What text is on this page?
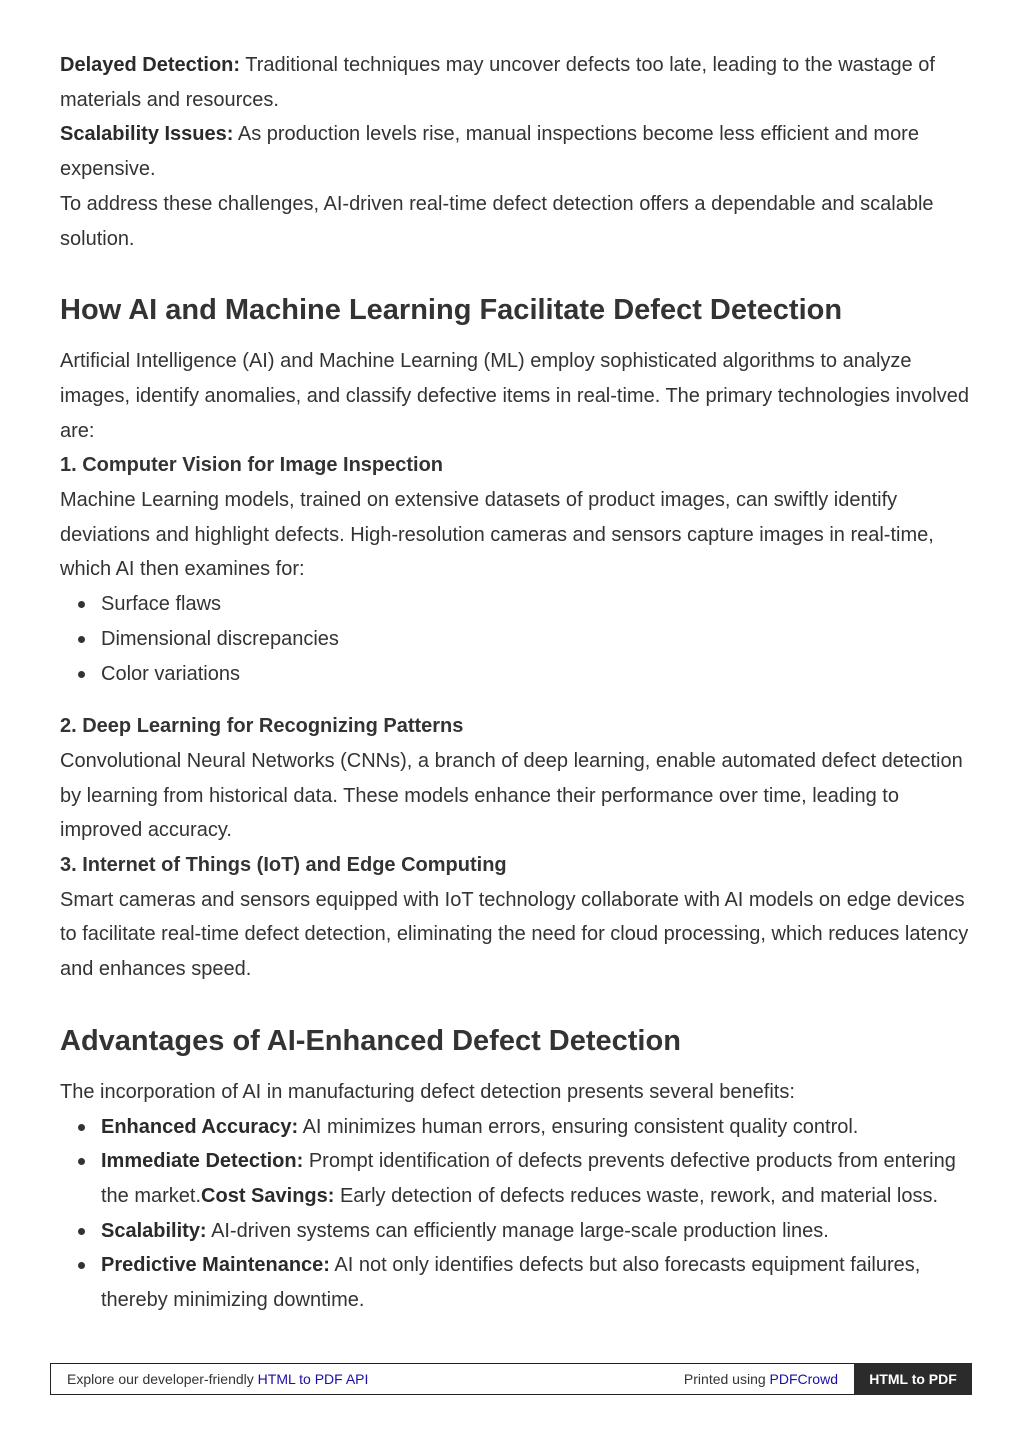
Delayed Detection: Traditional techniques may uncover defects too late, leading to the wastage of materials and resources.

Scalability Issues: As production levels rise, manual inspections become less efficient and more expensive.

To address these challenges, AI-driven real-time defect detection offers a dependable and scalable solution.

How AI and Machine Learning Facilitate Defect Detection

Artificial Intelligence (AI) and Machine Learning (ML) employ sophisticated algorithms to analyze images, identify anomalies, and classify defective items in real-time. The primary technologies involved are:

1. Computer Vision for Image Inspection

Machine Learning models, trained on extensive datasets of product images, can swiftly identify deviations and highlight defects. High-resolution cameras and sensors capture images in real-time, which AI then examines for:

Surface flaws
Dimensional discrepancies
Color variations
2. Deep Learning for Recognizing Patterns

Convolutional Neural Networks (CNNs), a branch of deep learning, enable automated defect detection by learning from historical data. These models enhance their performance over time, leading to improved accuracy.

3. Internet of Things (IoT) and Edge Computing

Smart cameras and sensors equipped with IoT technology collaborate with AI models on edge devices to facilitate real-time defect detection, eliminating the need for cloud processing, which reduces latency and enhances speed.

Advantages of AI-Enhanced Defect Detection

The incorporation of AI in manufacturing defect detection presents several benefits:

Enhanced Accuracy: AI minimizes human errors, ensuring consistent quality control.
Immediate Detection: Prompt identification of defects prevents defective products from entering the market.Cost Savings: Early detection of defects reduces waste, rework, and material loss.
Scalability: AI-driven systems can efficiently manage large-scale production lines.
Predictive Maintenance: AI not only identifies defects but also forecasts equipment failures, thereby minimizing downtime.
Explore our developer-friendly HTML to PDF API	Printed using PDFCrowd	HTML to PDF
